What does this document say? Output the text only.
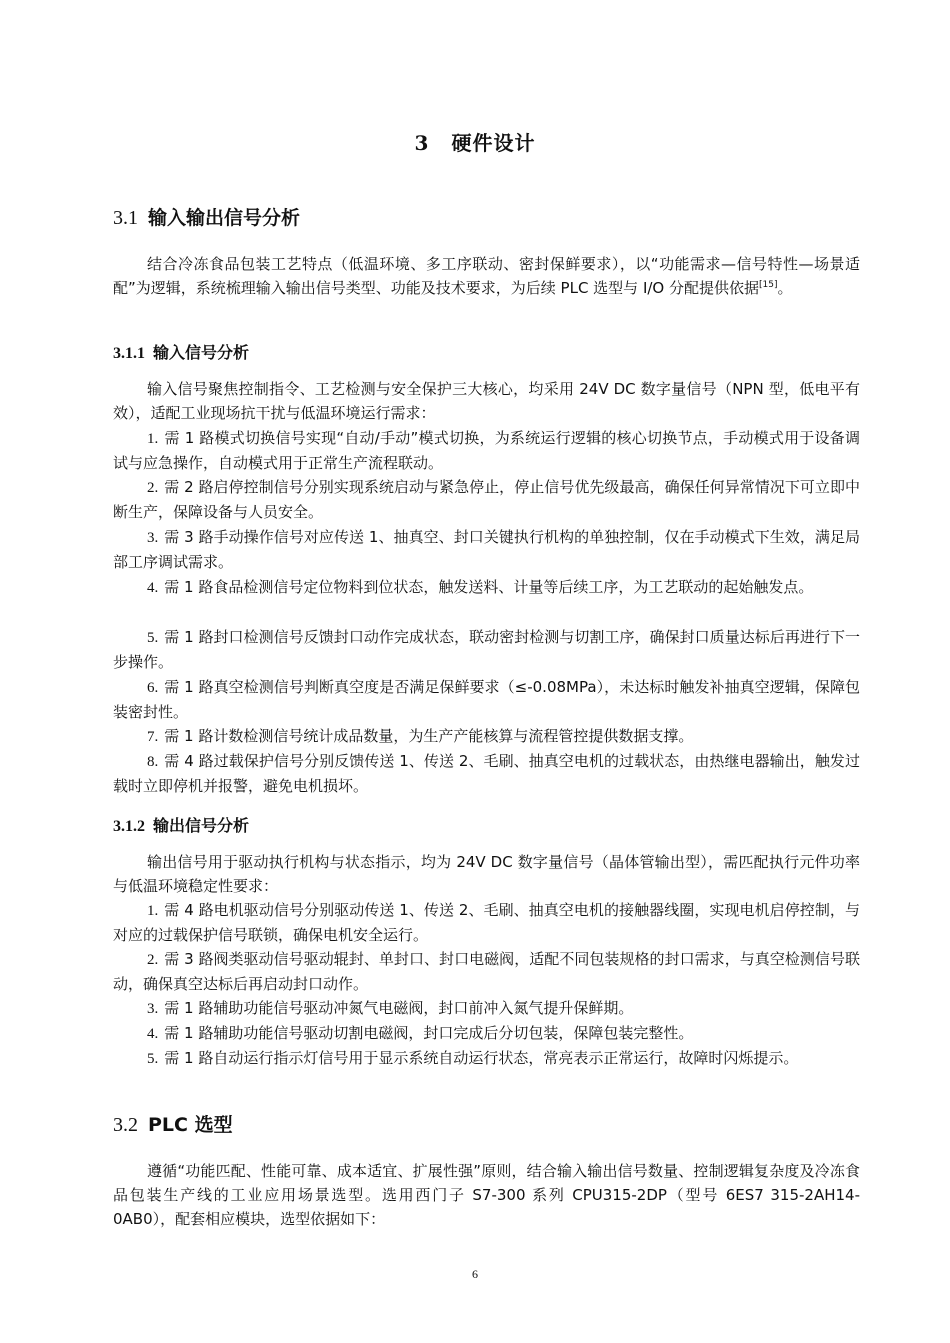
3 硬件设计
3.1 输入输出信号分析

结合冷冻食品包装工艺特点（低温环境、多工序联动、密封保鲜要求），以“功能需求—信号特性—场景适配”为逻辑，系统梳理输入输出信号类型、功能及技术要求，为后续 PLC 选型与 I/O 分配提供依据[15]。

3.1.1 输入信号分析

输入信号聚焦控制指令、工艺检测与安全保护三大核心，均采用 24V DC 数字量信号（NPN 型，低电平有效），适配工业现场抗干扰与低温环境运行需求：

1. 需 1 路模式切换信号实现“自动/手动”模式切换，为系统运行逻辑的核心切换节点，手动模式用于设备调试与应急操作，自动模式用于正常生产流程联动。

2. 需 2 路启停控制信号分别实现系统启动与紧急停止，停止信号优先级最高，确保任何异常情况下可立即中断生产，保障设备与人员安全。

3. 需 3 路手动操作信号对应传送 1、抽真空、封口关键执行机构的单独控制，仅在手动模式下生效，满足局部工序调试需求。

4. 需 1 路食品检测信号定位物料到位状态，触发送料、计量等后续工序，为工艺联动的起始触发点。

5. 需 1 路封口检测信号反馈封口动作完成状态，联动密封检测与切割工序，确保封口质量达标后再进行下一步操作。

6. 需 1 路真空检测信号判断真空度是否满足保鲜要求（≤-0.08MPa），未达标时触发补抽真空逻辑，保障包装密封性。

7. 需 1 路计数检测信号统计成品数量，为生产产能核算与流程管控提供数据支撑。

8. 需 4 路过载保护信号分别反馈传送 1、传送 2、毛刷、抽真空电机的过载状态，由热继电器输出，触发过载时立即停机并报警，避免电机损坏。

3.1.2 输出信号分析

输出信号用于驱动执行机构与状态指示，均为 24V DC 数字量信号（晶体管输出型），需匹配执行元件功率与低温环境稳定性要求：

1. 需 4 路电机驱动信号分别驱动传送 1、传送 2、毛刷、抽真空电机的接触器线圈，实现电机启停控制，与对应的过载保护信号联锁，确保电机安全运行。

2. 需 3 路阀类驱动信号驱动辊封、单封口、封口电磁阀，适配不同包装规格的封口需求，与真空检测信号联动，确保真空达标后再启动封口动作。

3. 需 1 路辅助功能信号驱动冲氮气电磁阀，封口前冲入氮气提升保鲜期。

4. 需 1 路辅助功能信号驱动切割电磁阀，封口完成后分切包装，保障包装完整性。

5. 需 1 路自动运行指示灯信号用于显示系统自动运行状态，常亮表示正常运行，故障时闪烁提示。

3.2 PLC 选型

遵循“功能匹配、性能可靠、成本适宜、扩展性强”原则，结合输入输出信号数量、控制逻辑复杂度及冷冻食品包装生产线的工业应用场景选型。选用西门子 S7-300 系列 CPU315-2DP（型号 6ES7 315-2AH14-0AB0），配套相应模块，选型依据如下：

6
